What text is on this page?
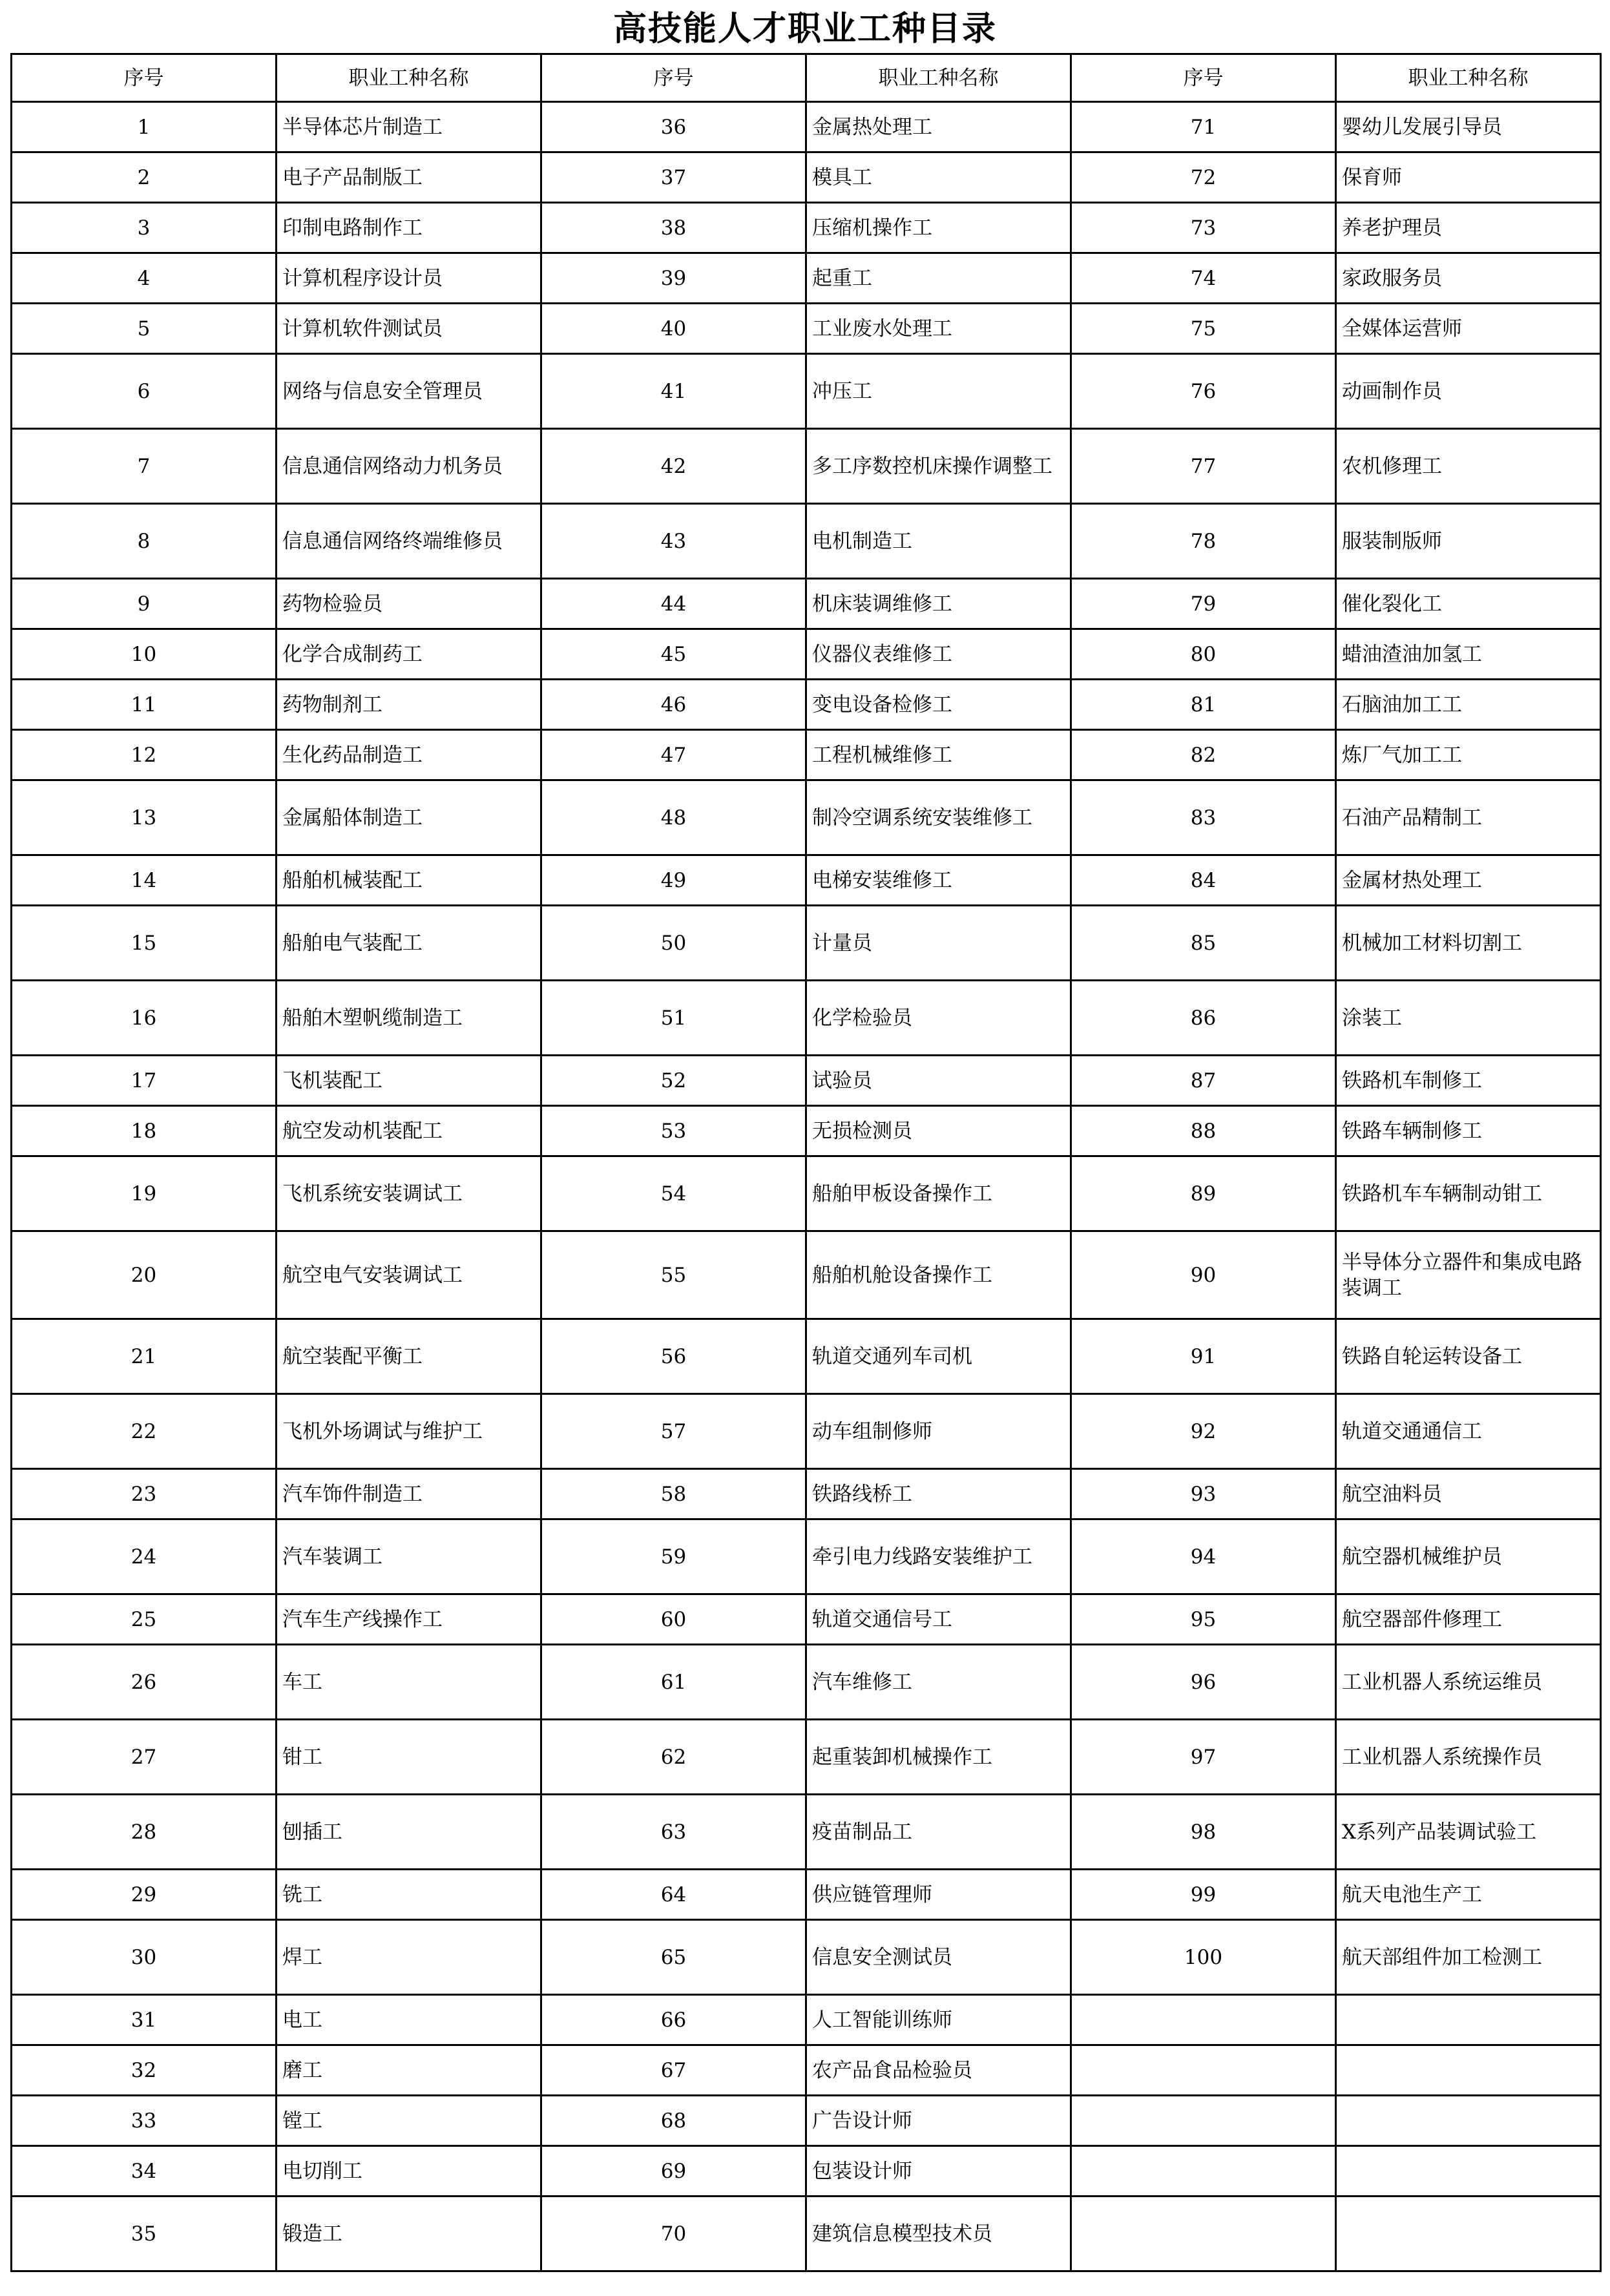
高技能人才职业工种目录
序号	职业工种名称	序号	职业工种名称	序号	职业工种名称
1	半导体芯片制造工	36	金属热处理工	71	婴幼儿发展引导员
2	电子产品制版工	37	模具工	72	保育师
3	印制电路制作工	38	压缩机操作工	73	养老护理员
4	计算机程序设计员	39	起重工	74	家政服务员
5	计算机软件测试员	40	工业废水处理工	75	全媒体运营师
6	网络与信息安全管理员	41	冲压工	76	动画制作员
7	信息通信网络动力机务员	42	多工序数控机床操作调整工	77	农机修理工
8	信息通信网络终端维修员	43	电机制造工	78	服装制版师
9	药物检验员	44	机床装调维修工	79	催化裂化工
10	化学合成制药工	45	仪器仪表维修工	80	蜡油渣油加氢工
11	药物制剂工	46	变电设备检修工	81	石脑油加工工
12	生化药品制造工	47	工程机械维修工	82	炼厂气加工工
13	金属船体制造工	48	制冷空调系统安装维修工	83	石油产品精制工
14	船舶机械装配工	49	电梯安装维修工	84	金属材热处理工
15	船舶电气装配工	50	计量员	85	机械加工材料切割工
16	船舶木塑帆缆制造工	51	化学检验员	86	涂装工
17	飞机装配工	52	试验员	87	铁路机车制修工
18	航空发动机装配工	53	无损检测员	88	铁路车辆制修工
19	飞机系统安装调试工	54	船舶甲板设备操作工	89	铁路机车车辆制动钳工
20	航空电气安装调试工	55	船舶机舱设备操作工	90	半导体分立器件和集成电路装调工
21	航空装配平衡工	56	轨道交通列车司机	91	铁路自轮运转设备工
22	飞机外场调试与维护工	57	动车组制修师	92	轨道交通通信工
23	汽车饰件制造工	58	铁路线桥工	93	航空油料员
24	汽车装调工	59	牵引电力线路安装维护工	94	航空器机械维护员
25	汽车生产线操作工	60	轨道交通信号工	95	航空器部件修理工
26	车工	61	汽车维修工	96	工业机器人系统运维员
27	钳工	62	起重装卸机械操作工	97	工业机器人系统操作员
28	刨插工	63	疫苗制品工	98	X系列产品装调试验工
29	铣工	64	供应链管理师	99	航天电池生产工
30	焊工	65	信息安全测试员	100	航天部组件加工检测工
31	电工	66	人工智能训练师		
32	磨工	67	农产品食品检验员		
33	镗工	68	广告设计师		
34	电切削工	69	包装设计师		
35	锻造工	70	建筑信息模型技术员		
